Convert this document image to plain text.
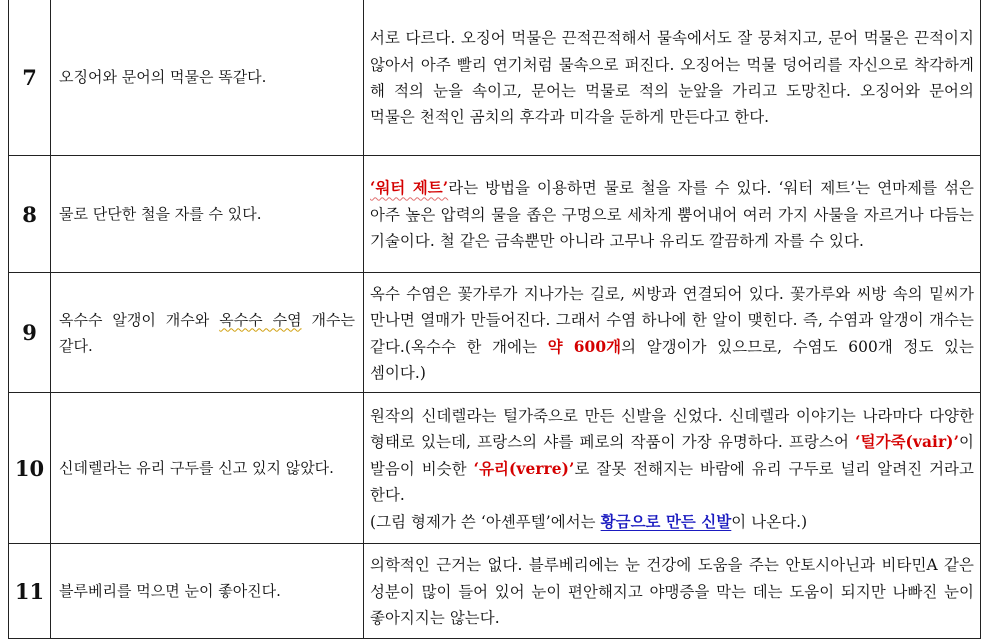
7	오징어와 문어의 먹물은 똑같다.	서로 다르다. 오징어 먹물은 끈적끈적해서 물속에서도 잘 뭉쳐지고, 문어 먹물은 끈적이지 않아서 아주 빨리 연기처럼 물속으로 퍼진다. 오징어는 먹물 덩어리를 자신으로 착각하게 해 적의 눈을 속이고, 문어는 먹물로 적의 눈앞을 가리고 도망친다. 오징어와 문어의 먹물은 천적인 곰치의 후각과 미각을 둔하게 만든다고 한다.
8	물로 단단한 철을 자를 수 있다.	‘워터 제트’라는 방법을 이용하면 물로 철을 자를 수 있다. ‘워터 제트’는 연마제를 섞은 아주 높은 압력의 물을 좁은 구멍으로 세차게 뿜어내어 여러 가지 사물을 자르거나 다듬는 기술이다. 철 같은 금속뿐만 아니라 고무나 유리도 깔끔하게 자를 수 있다.
9	옥수수 알갱이 개수와 옥수수 수염 개수는 같다.	옥수 수염은 꽃가루가 지나가는 길로, 씨방과 연결되어 있다. 꽃가루와 씨방 속의 밑씨가 만나면 열매가 만들어진다. 그래서 수염 하나에 한 알이 맺힌다. 즉, 수염과 알갱이 개수는 같다.(옥수수 한 개에는 약 600개의 알갱이가 있으므로, 수염도 600개 정도 있는 셈이다.)
10	신데렐라는 유리 구두를 신고 있지 않았다.	원작의 신데렐라는 털가죽으로 만든 신발을 신었다. 신데렐라 이야기는 나라마다 다양한 형태로 있는데, 프랑스의 샤를 페로의 작품이 가장 유명하다. 프랑스어 ‘털가죽(vair)’이 발음이 비슷한 ‘유리(verre)’로 잘못 전해지는 바람에 유리 구두로 널리 알려진 거라고 한다.
(그림 형제가 쓴 ‘아셴푸텔’에서는 황금으로 만든 신발이 나온다.)

11	블루베리를 먹으면 눈이 좋아진다.	의학적인 근거는 없다. 블루베리에는 눈 건강에 도움을 주는 안토시아닌과 비타민A 같은 성분이 많이 들어 있어 눈이 편안해지고 야맹증을 막는 데는 도움이 되지만 나빠진 눈이 좋아지지는 않는다.
